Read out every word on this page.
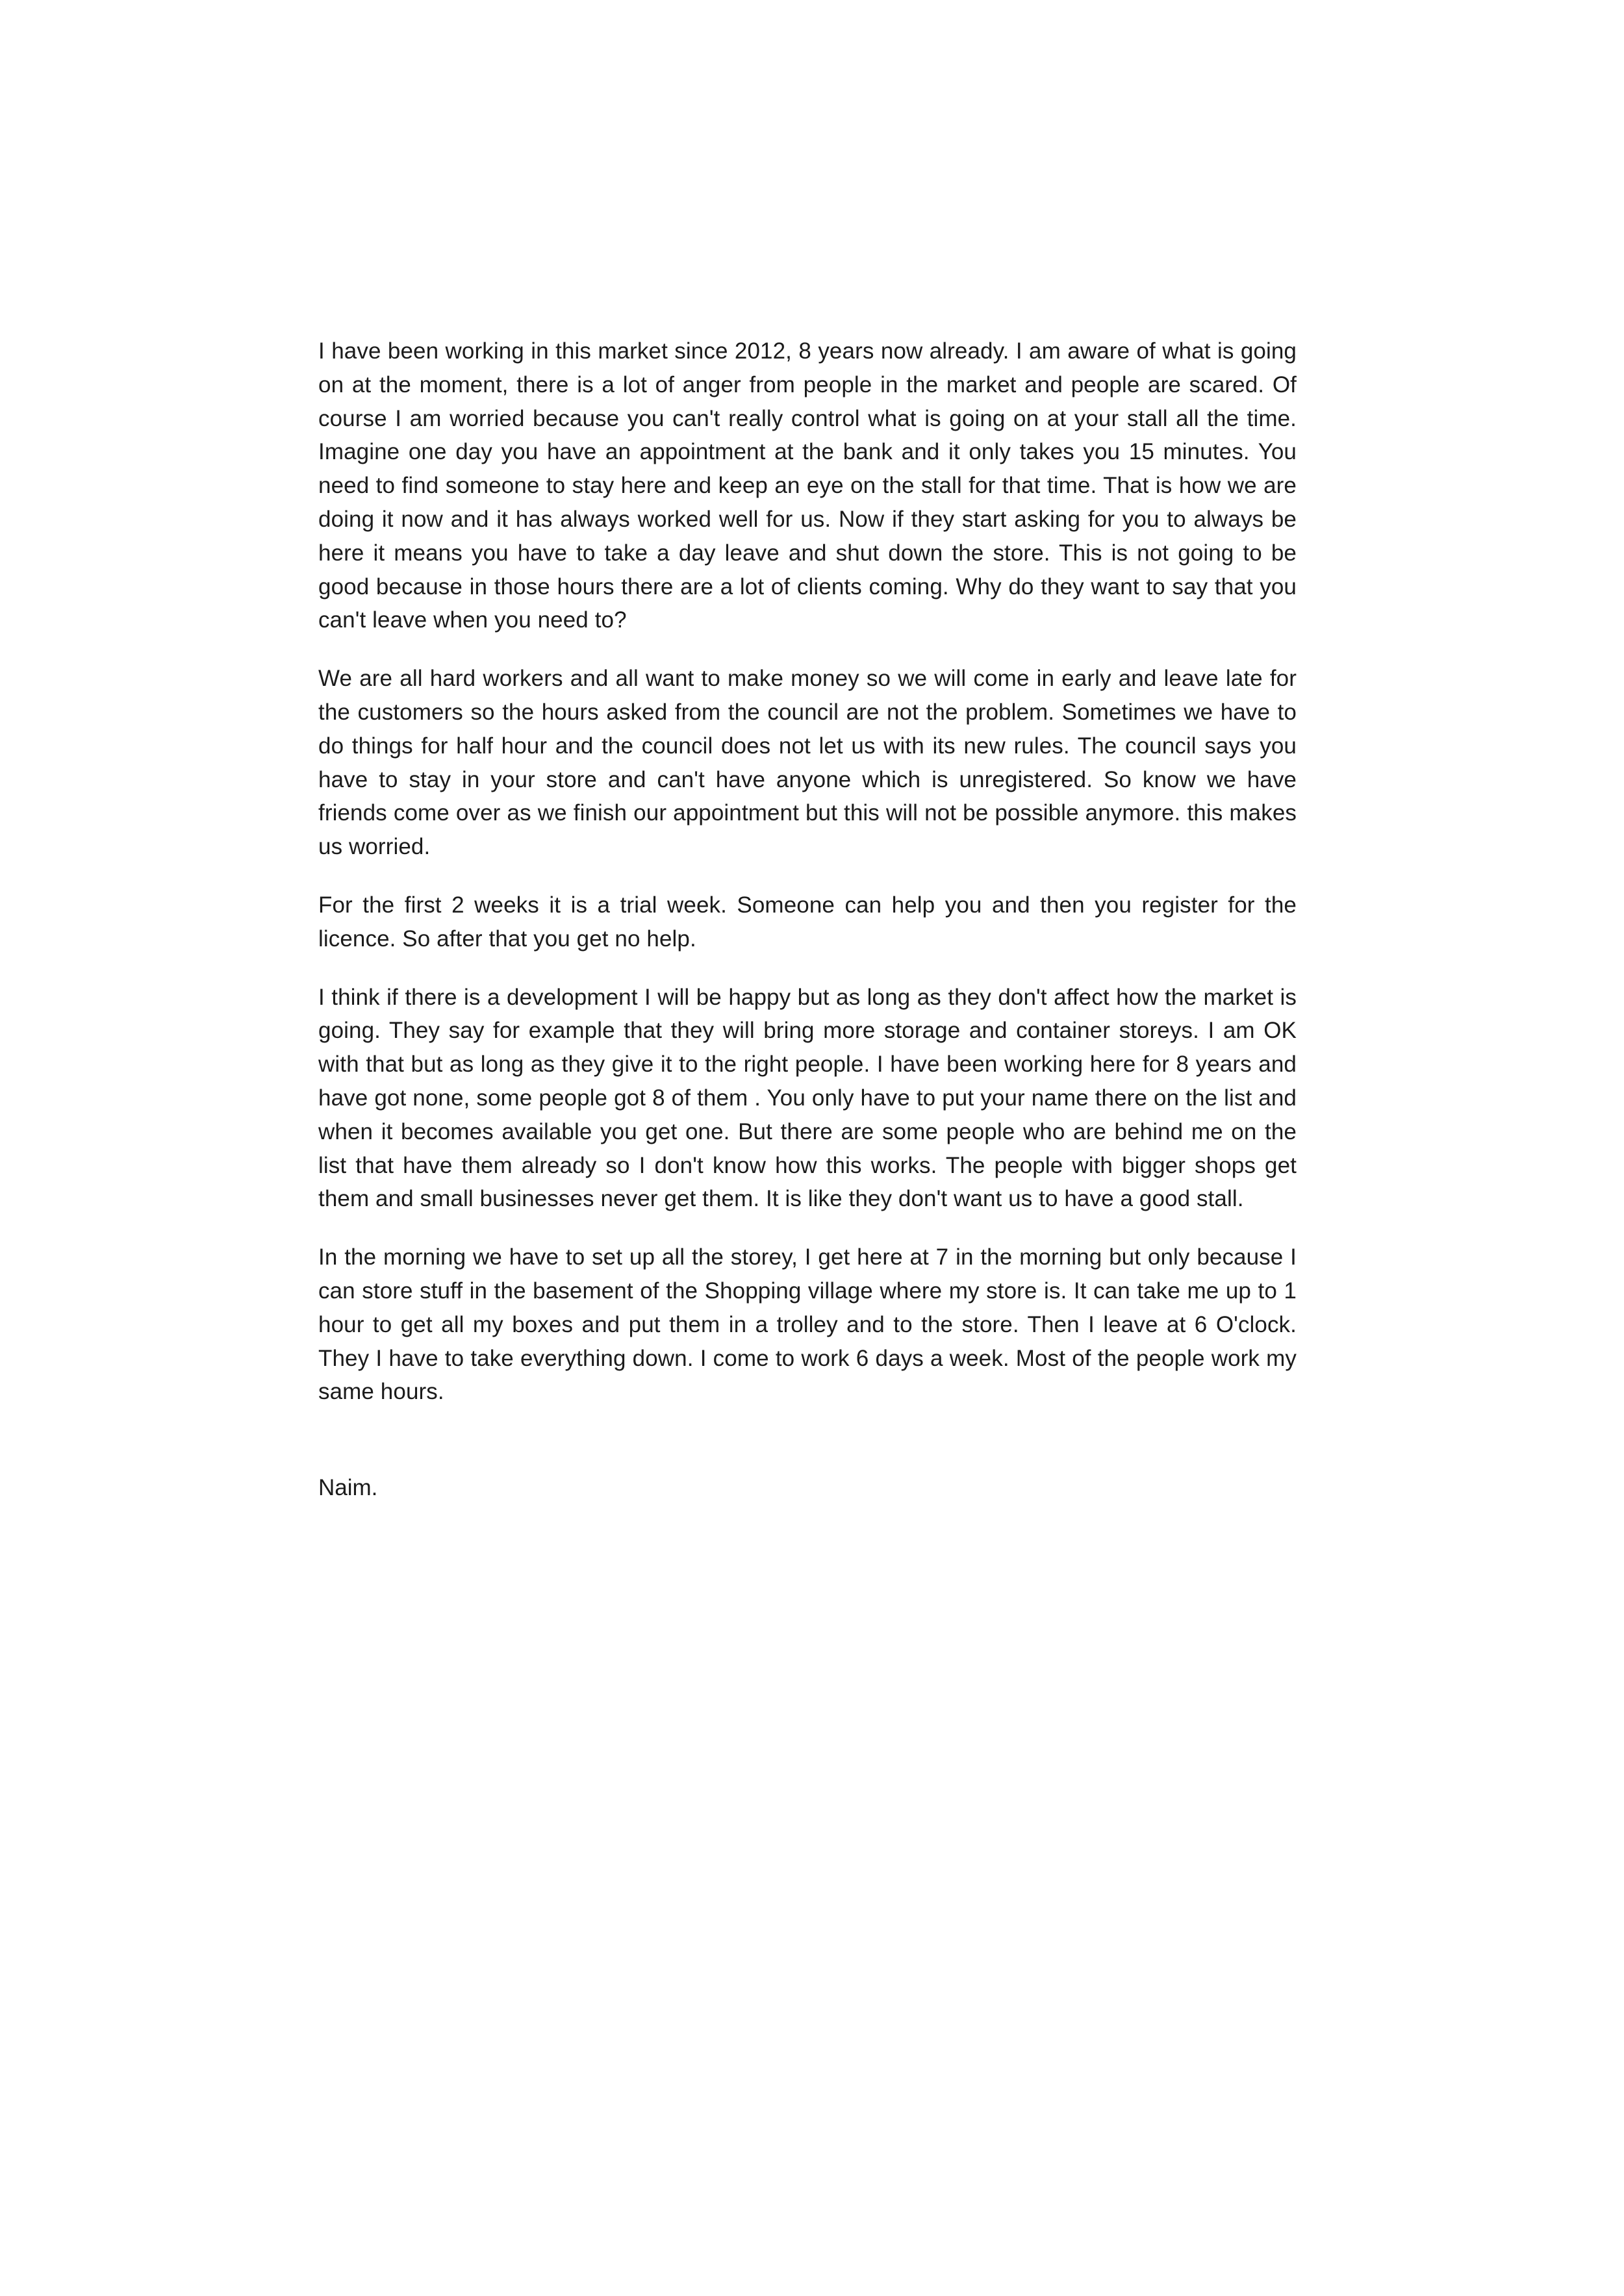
I have been working in this market since 2012, 8 years now already. I am aware of what is going on at the moment, there is a lot of anger from people in the market and people are scared. Of course I am worried because you can't really control what is going on at your stall all the time. Imagine one day you have an appointment at the bank and it only takes you 15 minutes. You need to find someone to stay here and keep an eye on the stall for that time. That is how we are doing it now and it has always worked well for us. Now if they start asking for you to always be here it means you have to take a day leave and shut down the store. This is not going to be good because in those hours there are a lot of clients coming. Why do they want to say that you can't leave when you need to?

We are all hard workers and all want to make money so we will come in early and leave late for the customers so the hours asked from the council are not the problem. Sometimes we have to do things for half hour and the council does not let us with its new rules. The council says you have to stay in your store and can't have anyone which is unregistered. So know we have friends come over as we finish our appointment but this will not be possible anymore. this makes us worried.

For the first 2 weeks it is a trial week. Someone can help you and then you register for the licence. So after that you get no help.

I think if there is a development I will be happy but as long as they don't affect how the market is going. They say for example that they will bring more storage and container storeys. I am OK with that but as long as they give it to the right people. I have been working here for 8 years and have got none, some people got 8 of them . You only have to put your name there on the list and when it becomes available you get one. But there are some people who are behind me on the list that have them already so I don't know how this works. The people with bigger shops get them and small businesses never get them. It is like they don't want us to have a good stall.

In the morning we have to set up all the storey, I get here at 7 in the morning but only because I can store stuff in the basement of the Shopping village where my store is. It can take me up to 1 hour to get all my boxes and put them in a trolley and to the store. Then I leave at 6 O'clock. They I have to take everything down. I come to work 6 days a week. Most of the people work my same hours.

Naim.
